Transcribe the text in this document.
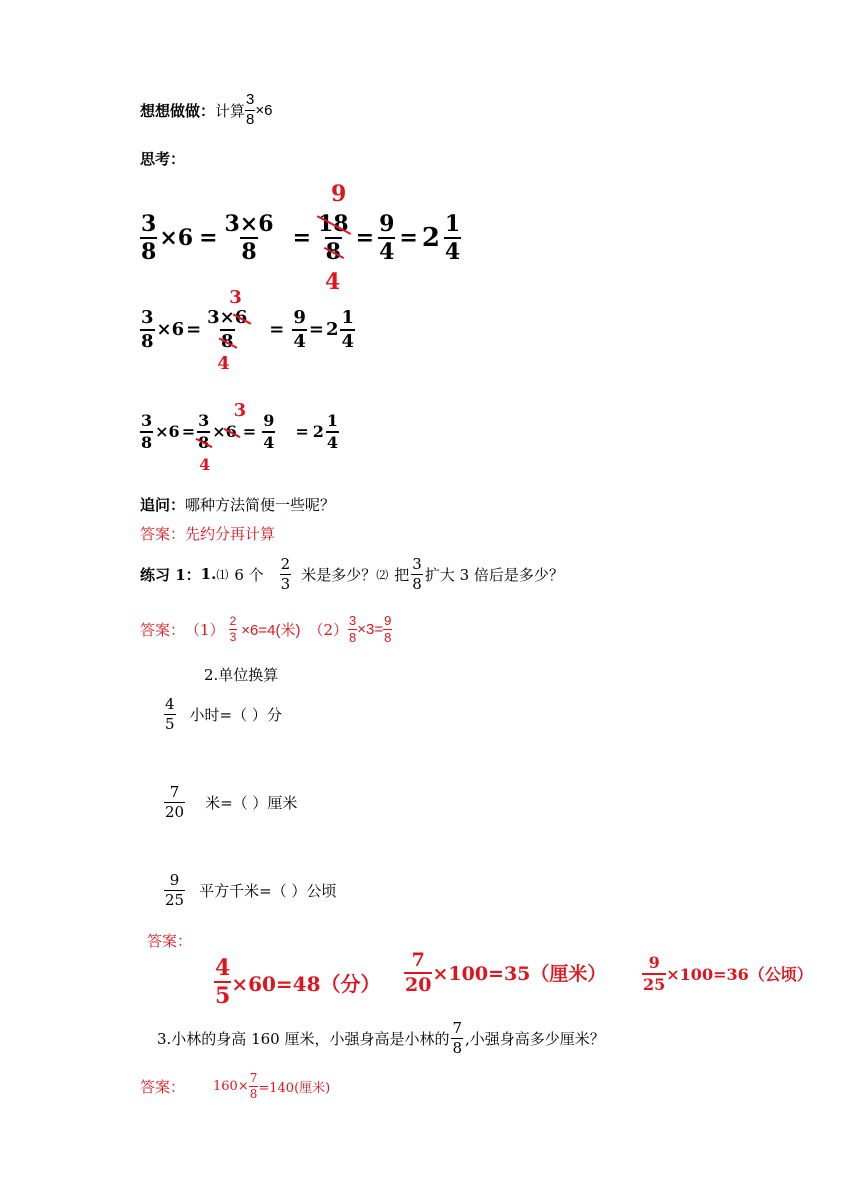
想想做做： 计算 $\frac{3}{8} \times 6$
思考：
$\frac{3}{8} \times 6 = \frac{3\times 6}{8}$ =
9
18
8
4
= $\frac{9}{4} = 2 \frac{1}{4}$
$\frac{3}{8} \times 6$ =
3
3×6
8
4
= $\frac{9}{4} = 2 \frac{1}{4}$
$\frac{3}{8} \times 6$ =
3
8
4
×
3
$6 = \frac{9}{4} = 2 \frac{1}{4}$
追问：哪种方法简便一些呢？
答案：先约分再计算
练习 1： 1. ⑴ 6 个 $\frac{2}{3}$ 米是多少？ ⑵ 把 $\frac{3}{8}$ 扩大 3 倍后是多少？
答案： $(1) \frac{2}{3} \times 6=4$(米) $(2) \frac{3}{8} \times 3= \frac{9}{8}$
2.单位换算
$\frac{4}{5}$ 小时=（ ）分
$\frac{7}{20}$ 米=（ ）厘米
$\frac{9}{25}$ 平方千米=（ ）公顷
答案：
$\frac{4}{5} \times 60=48$（分） $\frac{7}{20} \times 100=35$（厘米） $\frac{9}{25} \times 100=36$（公顷）
3.小林的身高 160 厘米，小强身高是小林的 $\frac{7}{8}$ ,小强身高多少厘米？
答案： $160\times \frac{7}{8} =140$(厘米)
